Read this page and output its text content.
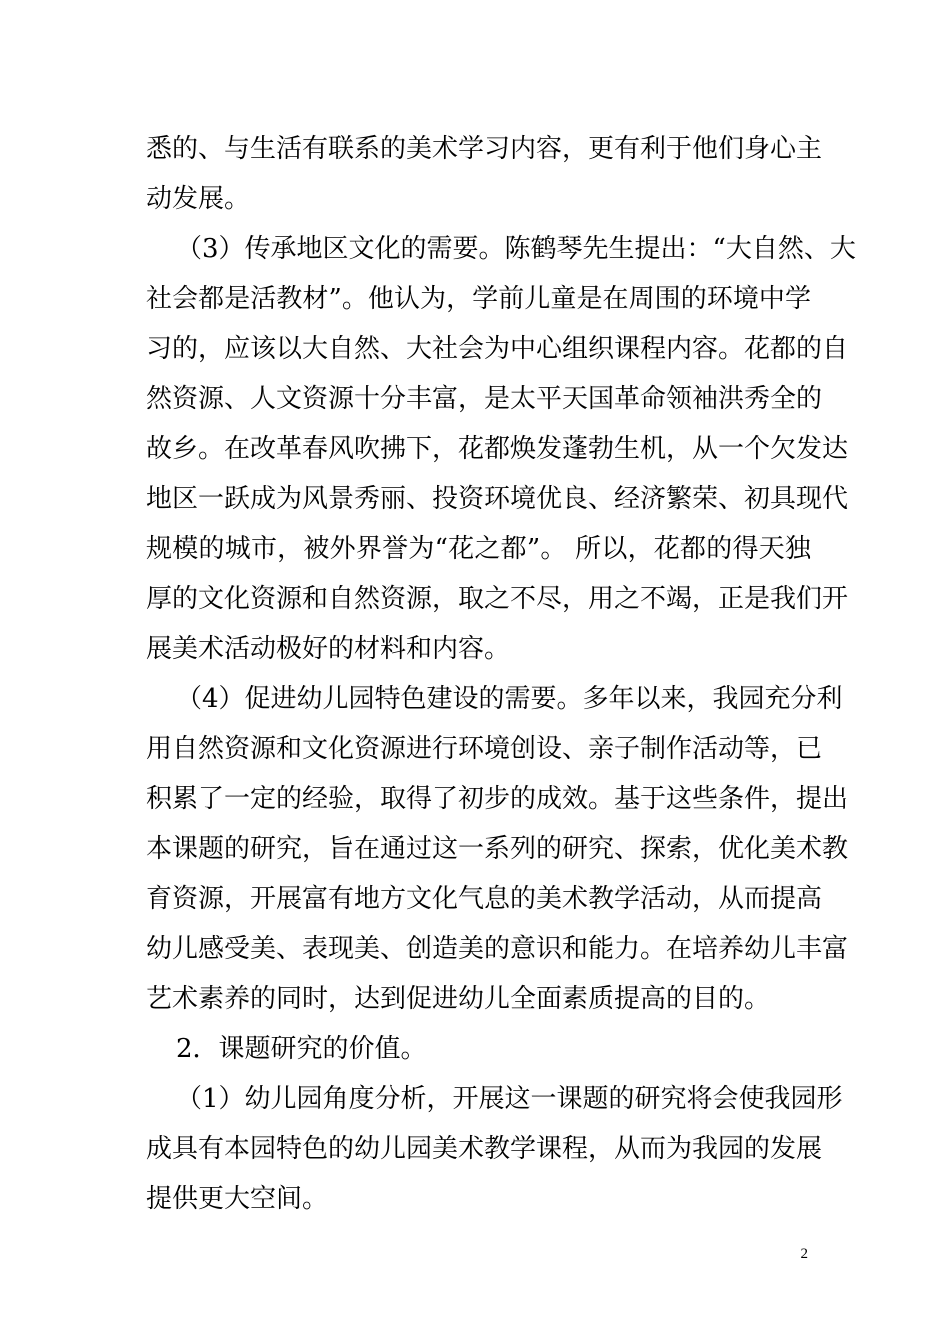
悉的、与生活有联系的美术学习内容，更有利于他们身心主
动发展。
（3）传承地区文化的需要。陈鹤琴先生提出：“大自然、大
社会都是活教材”。他认为，学前儿童是在周围的环境中学
习的，应该以大自然、大社会为中心组织课程内容。花都的自
然资源、人文资源十分丰富，是太平天国革命领袖洪秀全的
故乡。在改革春风吹拂下，花都焕发蓬勃生机，从一个欠发达
地区一跃成为风景秀丽、投资环境优良、经济繁荣、初具现代
规模的城市，被外界誉为“花之都”。 所以，花都的得天独
厚的文化资源和自然资源，取之不尽，用之不竭，正是我们开
展美术活动极好的材料和内容。
（4）促进幼儿园特色建设的需要。多年以来，我园充分利
用自然资源和文化资源进行环境创设、亲子制作活动等，已
积累了一定的经验，取得了初步的成效。基于这些条件，提出
本课题的研究，旨在通过这一系列的研究、探索，优化美术教
育资源，开展富有地方文化气息的美术教学活动，从而提高
幼儿感受美、表现美、创造美的意识和能力。在培养幼儿丰富
艺术素养的同时，达到促进幼儿全面素质提高的目的。
2．课题研究的价值。
（1）幼儿园角度分析，开展这一课题的研究将会使我园形
成具有本园特色的幼儿园美术教学课程，从而为我园的发展
提供更大空间。
2
